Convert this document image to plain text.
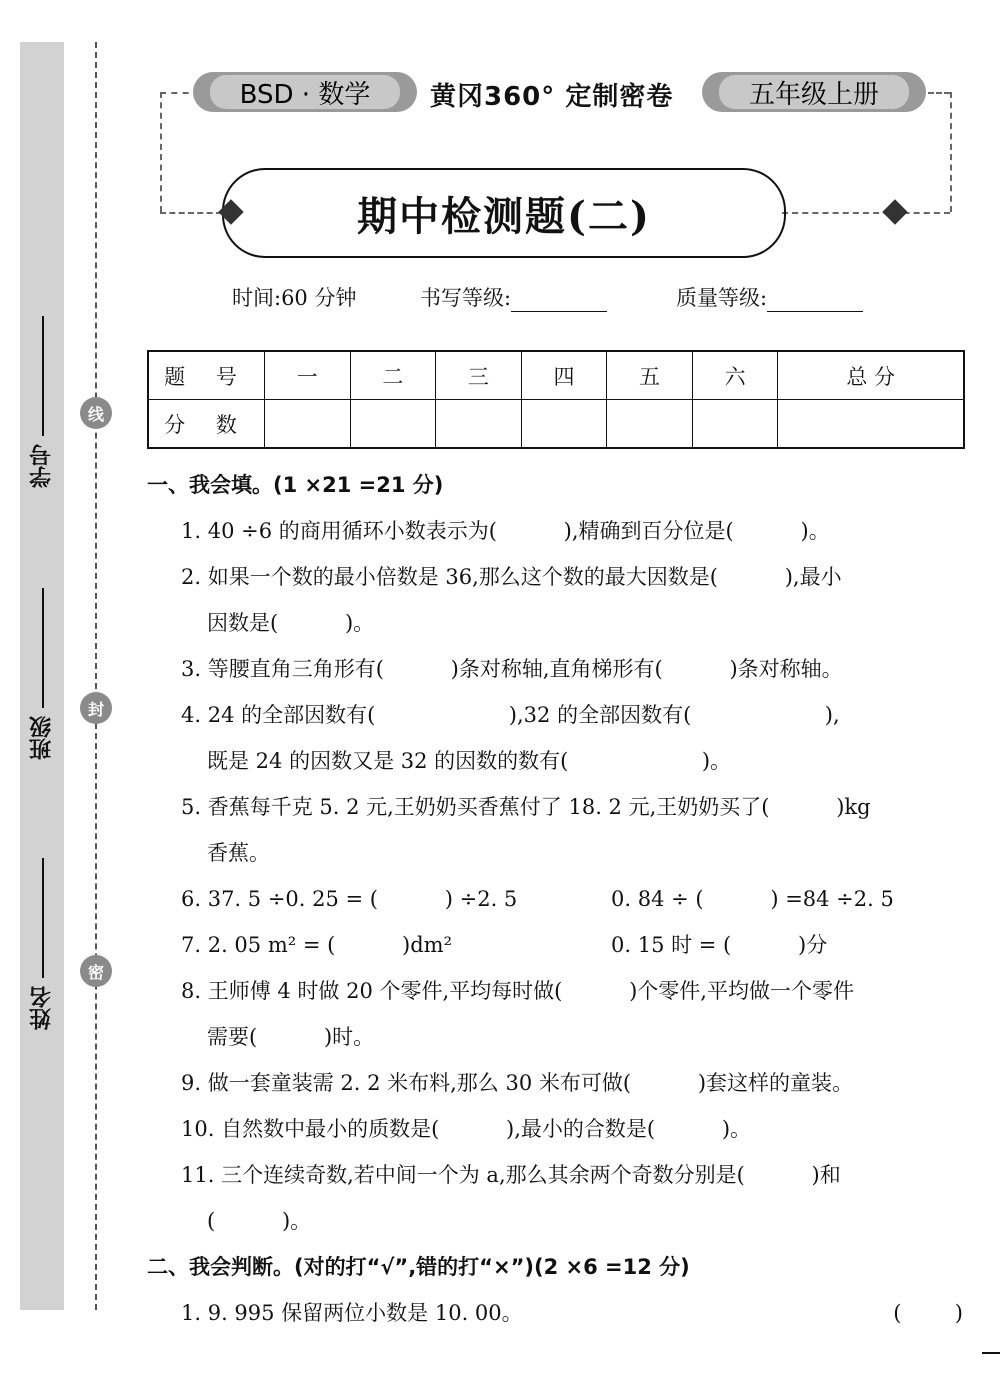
学号
班级
姓名
线
封
密
BSD · 数学	黄冈360° 定制密卷	五年级上册
期中检测题(二)
时间:60 分钟	书写等级:	质量等级:
题 号	一	二	三	四	五	六	总 分
分 数							
一、我会填。(1 ×21 =21 分)
1. 40 ÷6 的商用循环小数表示为(          ),精确到百分位是(          )。
2. 如果一个数的最小倍数是 36,那么这个数的最大因数是(          ),最小
因数是(          )。
3. 等腰直角三角形有(          )条对称轴,直角梯形有(          )条对称轴。
4. 24 的全部因数有(                    ),32 的全部因数有(                    ),
既是 24 的因数又是 32 的因数的数有(                    )。
5. 香蕉每千克 5. 2 元,王奶奶买香蕉付了 18. 2 元,王奶奶买了(          )kg
香蕉。
6. 37. 5 ÷0. 25 = (          ) ÷2. 5	0. 84 ÷ (          ) =84 ÷2. 5
7. 2. 05 m² = (          )dm²	0. 15 时 = (          )分
8. 王师傅 4 时做 20 个零件,平均每时做(          )个零件,平均做一个零件
需要(          )时。
9. 做一套童装需 2. 2 米布料,那么 30 米布可做(          )套这样的童装。
10. 自然数中最小的质数是(          ),最小的合数是(          )。
11. 三个连续奇数,若中间一个为 a,那么其余两个奇数分别是(          )和
(          )。
二、我会判断。(对的打“√”,错的打“×”)(2 ×6 =12 分)
1. 9. 995 保留两位小数是 10. 00。	(        )
